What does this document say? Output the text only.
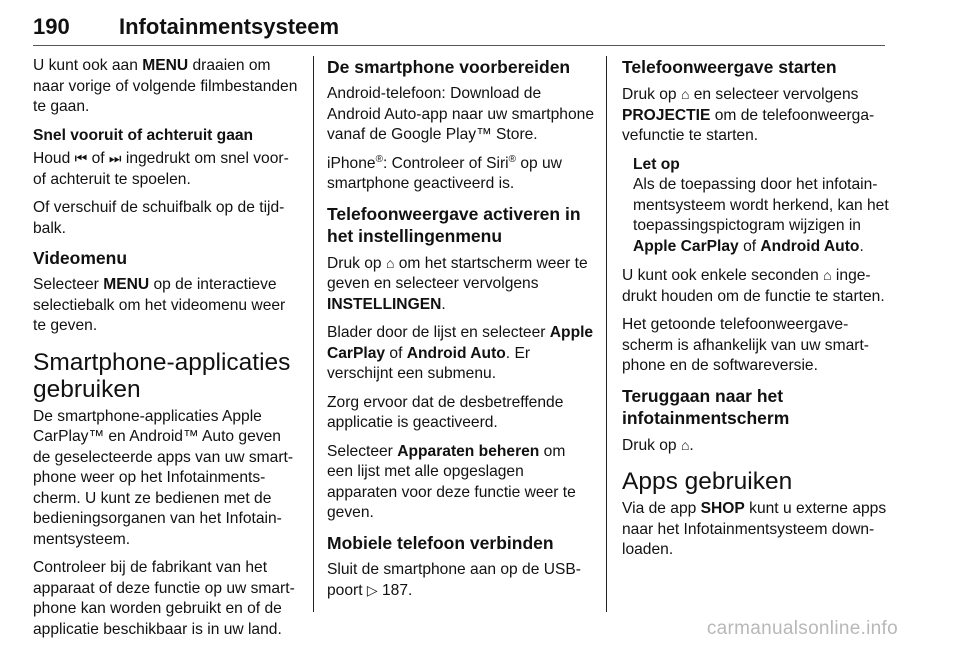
190 Infotainmentsysteem

U kunt ook aan MENU draaien om naar vorige of volgende filmbestanden te gaan.

Snel vooruit of achteruit gaan

Houd ⏮ of ⏭ ingedrukt om snel voor- of achteruit te spoelen.

Of verschuif de schuifbalk op de tijdbalk.

Videomenu

Selecteer MENU op de interactieve selectiebalk om het videomenu weer te geven.

Smartphone-applicaties gebruiken

De smartphone-applicaties Apple CarPlay™ en Android™ Auto geven de geselecteerde apps van uw smartphone weer op het Infotainmentscherm. U kunt ze bedienen met de bedieningsorganen van het Infotainmentsysteem.

Controleer bij de fabrikant van het apparaat of deze functie op uw smartphone kan worden gebruikt en of de applicatie beschikbaar is in uw land.

De smartphone voorbereiden

Android-telefoon: Download de Android Auto-app naar uw smartphone vanaf de Google Play™ Store.

iPhone®: Controleer of Siri® op uw smartphone geactiveerd is.

Telefoonweergave activeren in het instellingenmenu

Druk op ⌂ om het startscherm weer te geven en selecteer vervolgens INSTELLINGEN.

Blader door de lijst en selecteer Apple CarPlay of Android Auto. Er verschijnt een submenu.

Zorg ervoor dat de desbetreffende applicatie is geactiveerd.

Selecteer Apparaten beheren om een lijst met alle opgeslagen apparaten voor deze functie weer te geven.

Mobiele telefoon verbinden

Sluit de smartphone aan op de USB-poort ▷ 187.

Telefoonweergave starten

Druk op ⌂ en selecteer vervolgens PROJECTIE om de telefoonweergavefunctie te starten.

Let op
Als de toepassing door het infotainmentsysteem wordt herkend, kan het toepassingspictogram wijzigen in Apple CarPlay of Android Auto.

U kunt ook enkele seconden ⌂ ingedrukt houden om de functie te starten.

Het getoonde telefoonweergavescherm is afhankelijk van uw smartphone en de softwareversie.

Teruggaan naar het infotainmentscherm

Druk op ⌂.

Apps gebruiken

Via de app SHOP kunt u externe apps naar het Infotainmentsysteem downloaden.

carmanualsonline.info
